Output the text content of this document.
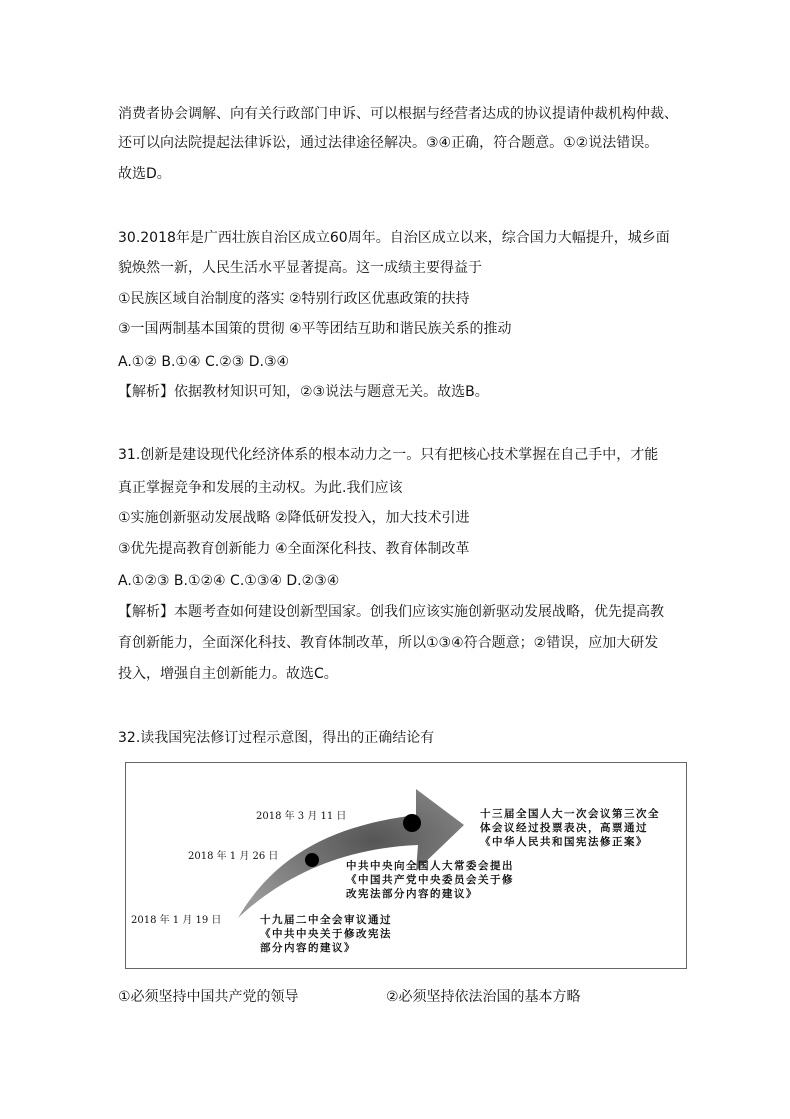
消费者协会调解、向有关行政部门申诉、可以根据与经营者达成的协议提请仲裁机构仲裁、
还可以向法院提起法律诉讼，通过法律途径解决。③④正确，符合题意。①②说法错误。
故选D。
30.2018年是广西壮族自治区成立60周年。自治区成立以来，综合国力大幅提升，城乡面
貌焕然一新，人民生活水平显著提高。这一成绩主要得益于
①民族区域自治制度的落实 ②特别行政区优惠政策的扶持
③一国两制基本国策的贯彻 ④平等团结互助和谐民族关系的推动
A.①② B.①④ C.②③ D.③④
【解析】依据教材知识可知，②③说法与题意无关。故选B。
31.创新是建设现代化经济体系的根本动力之一。只有把核心技术掌握在自己手中，才能
真正掌握竞争和发展的主动权。为此.我们应该
①实施创新驱动发展战略 ②降低研发投入，加大技术引进
③优先提高教育创新能力 ④全面深化科技、教育体制改革
A.①②③ B.①②④ C.①③④ D.②③④
【解析】本题考查如何建设创新型国家。创我们应该实施创新驱动发展战略，优先提高教
育创新能力，全面深化科技、教育体制改革，所以①③④符合题意；②错误，应加大研发
投入，增强自主创新能力。故选C。
32.读我国宪法修订过程示意图，得出的正确结论有
2018 年 3 月 11 日
2018 年 1 月 26 日
2018 年 1 月 19 日
十三届全国人大一次会议第三次全
体会议经过投票表决，高票通过
《中华人民共和国宪法修正案》
中共中央向全国人大常委会提出
《中国共产党中央委员会关于修
改宪法部分内容的建议》
十九届二中全会审议通过
《中共中央关于修改宪法
部分内容的建议》
①必须坚持中国共产党的领导	②必须坚持依法治国的基本方略
